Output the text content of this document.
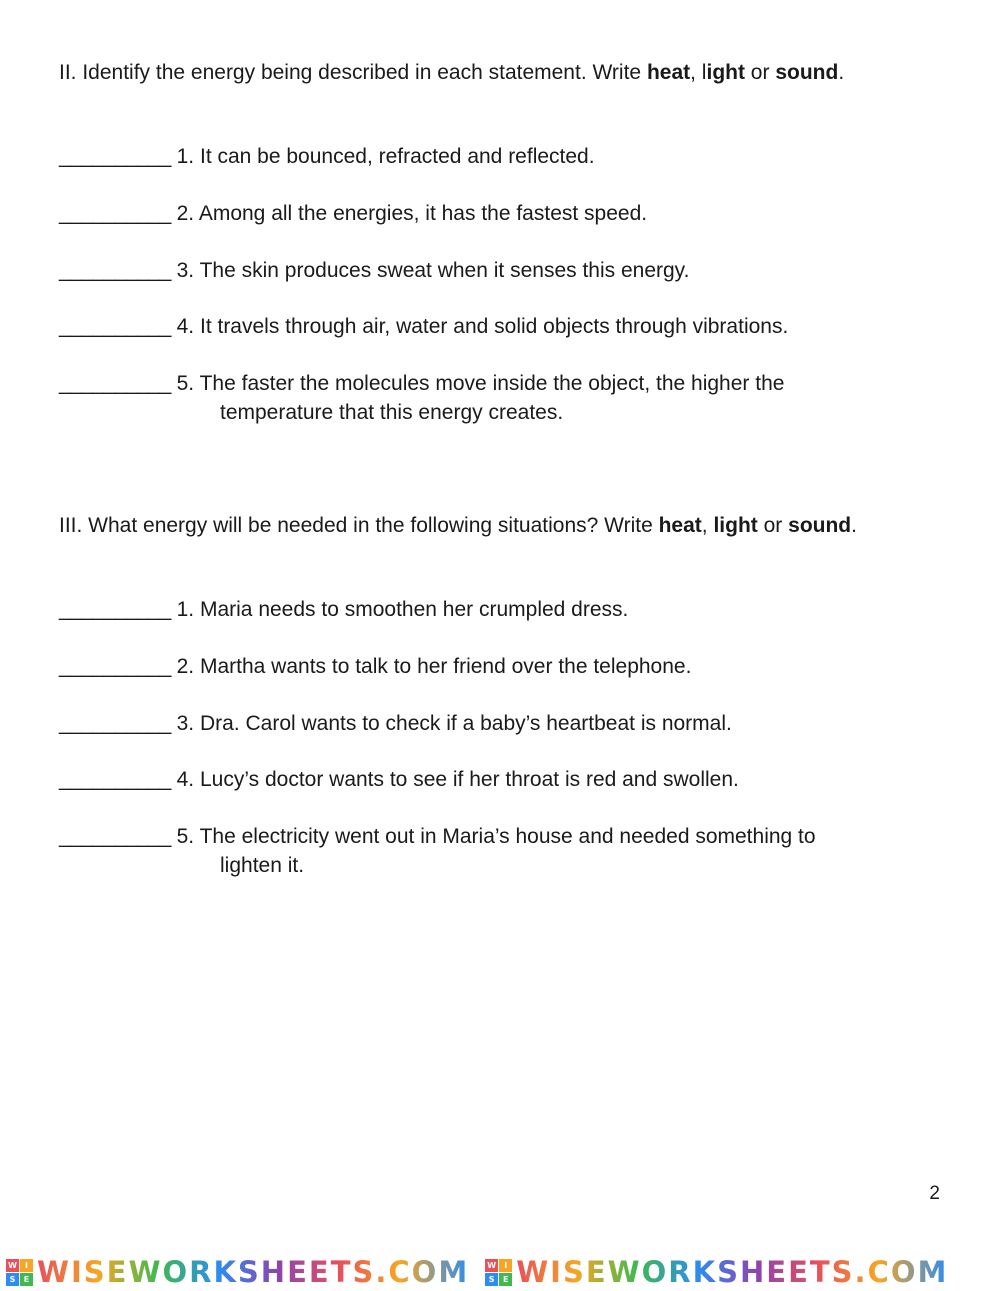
II. Identify the energy being described in each statement. Write heat, light or sound.
__________ 1. It can be bounced, refracted and reflected.
__________ 2. Among all the energies, it has the fastest speed.
__________ 3. The skin produces sweat when it senses this energy.
__________ 4. It travels through air, water and solid objects through vibrations.
__________ 5. The faster the molecules move inside the object, the higher the
temperature that this energy creates.
III. What energy will be needed in the following situations? Write heat, light or sound.
__________ 1. Maria needs to smoothen her crumpled dress.
__________ 2. Martha wants to talk to her friend over the telephone.
__________ 3. Dra. Carol wants to check if a baby’s heartbeat is normal.
__________ 4. Lucy’s doctor wants to see if her throat is red and swollen.
__________ 5. The electricity went out in Maria’s house and needed something to
lighten it.
2
W	I
S	E WISEWORKSHEETS.COM W	I
S	E WISEWORKSHEETS.COM
